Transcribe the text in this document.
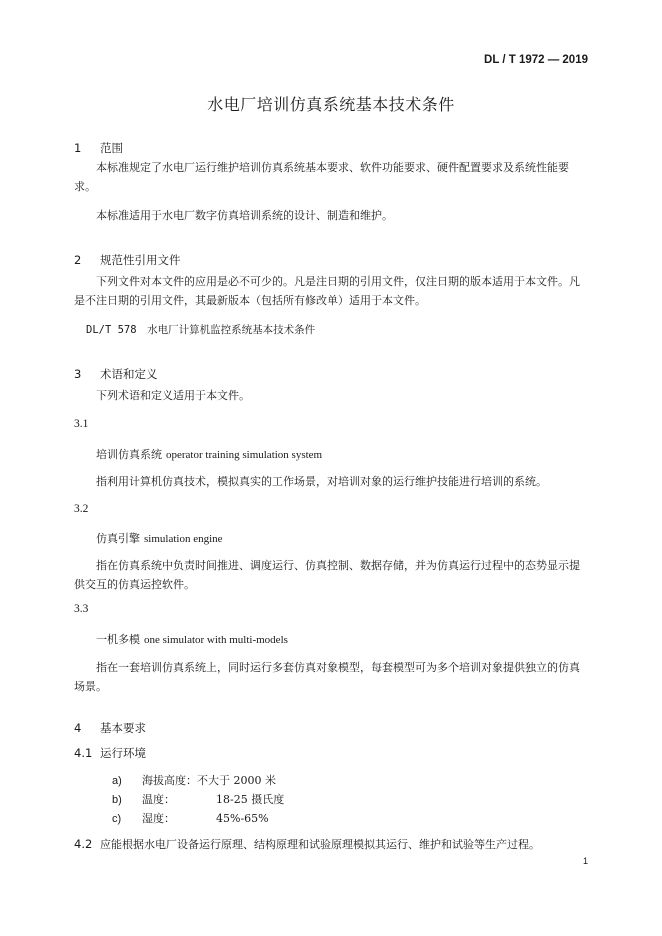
DL / T 1972 — 2019
水电厂培训仿真系统基本技术条件
1 范围
本标准规定了水电厂运行维护培训仿真系统基本要求、软件功能要求、硬件配置要求及系统性能要求。
本标准适用于水电厂数字仿真培训系统的设计、制造和维护。
2 规范性引用文件
下列文件对本文件的应用是必不可少的。凡是注日期的引用文件，仅注日期的版本适用于本文件。凡是不注日期的引用文件，其最新版本（包括所有修改单）适用于本文件。
DL/T 578　水电厂计算机监控系统基本技术条件
3 术语和定义
下列术语和定义适用于本文件。
3.1
培训仿真系统 operator training simulation system
指利用计算机仿真技术，模拟真实的工作场景，对培训对象的运行维护技能进行培训的系统。
3.2
仿真引擎 simulation engine
指在仿真系统中负责时间推进、调度运行、仿真控制、数据存储，并为仿真运行过程中的态势显示提供交互的仿真运控软件。
3.3
一机多模 one simulator with multi-models
指在一套培训仿真系统上，同时运行多套仿真对象模型，每套模型可为多个培训对象提供独立的仿真场景。
4 基本要求
4.1 运行环境
a) 海拔高度：不大于 2000 米
b) 温度：	18-25 摄氏度
c) 湿度：	45%-65%
4.2 应能根据水电厂设备运行原理、结构原理和试验原理模拟其运行、维护和试验等生产过程。
1
